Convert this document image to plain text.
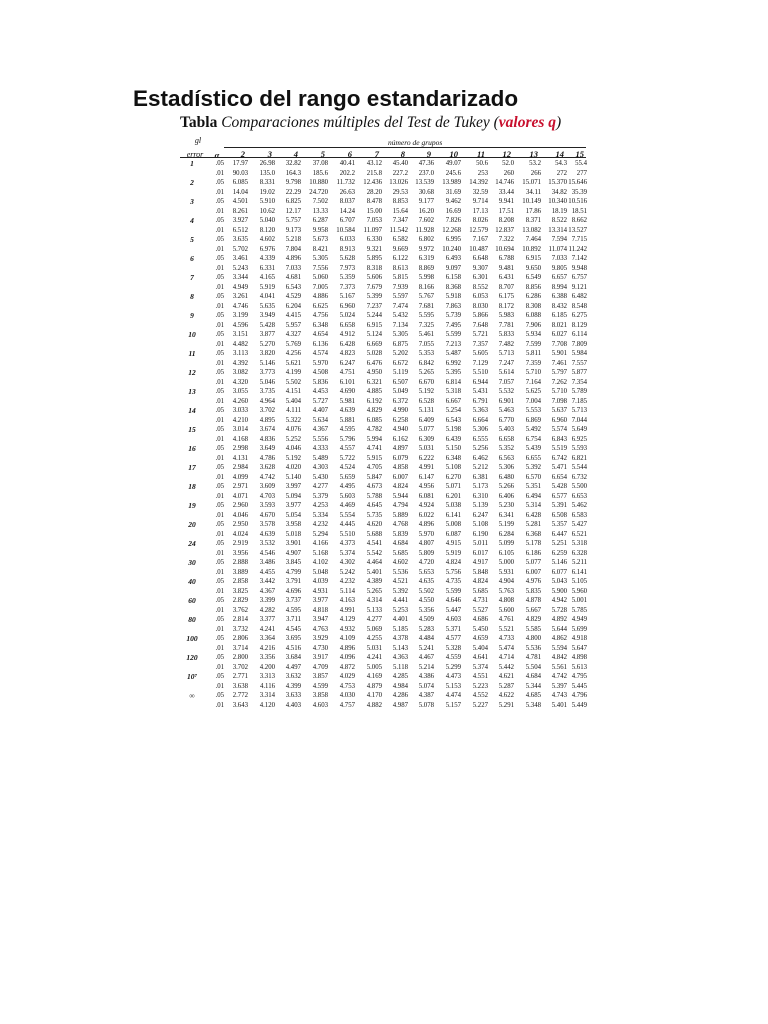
Estadístico del rango estandarizado
Tabla Comparaciones múltiples del Test de Tukey (valores q)
gl	número de grupos
error	α	2	3	4	5	6	7	8	9	10	11	12	13	14	15
1	.05	17.97	26.98	32.82	37.08	40.41	43.12	45.40	47.36	49.07	50.6	52.0	53.2	54.3	55.4
.01	90.03	135.0	164.3	185.6	202.2	215.8	227.2	237.0	245.6	253	260	266	272	277
2	.05	6.085	8.331	9.798	10.880	11.732	12.436	13.026	13.539	13.989	14.392	14.746	15.071	15.370 15.646
.01	14.04	19.02	22.29	24.720	26.63	28.20	29.53	30.68	31.69	32.59	33.44	34.11	34.82 35.39
3	.05	4.501	5.910	6.825	7.502	8.037	8.478	8.853	9.177	9.462	9.714	9.941	10.149	10.340 10.516
.01	8.261	10.62	12.17	13.33	14.24	15.00	15.64	16.20	16.69	17.13	17.51	17.86	18.19 18.51
4	.05	3.927	5.040	5.757	6.287	6.707	7.053	7.347	7.602	7.826	8.026	8.208	8.371	8.522 8.662
.01	6.512	8.120	9.173	9.958	10.584	11.097	11.542	11.928	12.268	12.579	12.837	13.082	13.314 13.527
5	.05	3.635	4.602	5.218	5.673	6.033	6.330	6.582	6.802	6.995	7.167	7.322	7.464	7.594 7.715
.01	5.702	6.976	7.804	8.421	8.913	9.321	9.669	9.972	10.240	10.487	10.694	10.892	11.074 11.242
6	.05	3.461	4.339	4.896	5.305	5.628	5.895	6.122	6.319	6.493	6.648	6.788	6.915	7.033 7.142
.01	5.243	6.331	7.033	7.556	7.973	8.318	8.613	8.869	9.097	9.307	9.481	9.650	9.805 9.948
7	.05	3.344	4.165	4.681	5.060	5.359	5.606	5.815	5.998	6.158	6.301	6.431	6.549	6.657 6.757
.01	4.949	5.919	6.543	7.005	7.373	7.679	7.939	8.166	8.368	8.552	8.707	8.856	8.994 9.121
8	.05	3.261	4.041	4.529	4.886	5.167	5.399	5.597	5.767	5.918	6.053	6.175	6.286	6.388 6.482
.01	4.746	5.635	6.204	6.625	6.960	7.237	7.474	7.681	7.863	8.030	8.172	8.308	8.432 8.548
9	.05	3.199	3.949	4.415	4.756	5.024	5.244	5.432	5.595	5.739	5.866	5.983	6.088	6.185 6.275
.01	4.596	5.428	5.957	6.348	6.658	6.915	7.134	7.325	7.495	7.648	7.781	7.906	8.021 8.129
10	.05	3.151	3.877	4.327	4.654	4.912	5.124	5.305	5.461	5.599	5.721	5.833	5.934	6.027 6.114
.01	4.482	5.270	5.769	6.136	6.428	6.669	6.875	7.055	7.213	7.357	7.482	7.599	7.708 7.809
11	.05	3.113	3.820	4.256	4.574	4.823	5.028	5.202	5.353	5.487	5.605	5.713	5.811	5.901 5.984
.01	4.392	5.146	5.621	5.970	6.247	6.476	6.672	6.842	6.992	7.129	7.247	7.359	7.461 7.557
12	.05	3.082	3.773	4.199	4.508	4.751	4.950	5.119	5.265	5.395	5.510	5.614	5.710	5.797 5.877
.01	4.320	5.046	5.502	5.836	6.101	6.321	6.507	6.670	6.814	6.944	7.057	7.164	7.262 7.354
13	.05	3.055	3.735	4.151	4.453	4.690	4.885	5.049	5.192	5.318	5.431	5.532	5.625	5.710 5.789
.01	4.260	4.964	5.404	5.727	5.981	6.192	6.372	6.528	6.667	6.791	6.901	7.004	7.098 7.185
14	.05	3.033	3.702	4.111	4.407	4.639	4.829	4.990	5.131	5.254	5.363	5.463	5.553	5.637 5.713
.01	4.210	4.895	5.322	5.634	5.881	6.085	6.258	6.409	6.543	6.664	6.770	6.869	6.960 7.044
15	.05	3.014	3.674	4.076	4.367	4.595	4.782	4.940	5.077	5.198	5.306	5.403	5.492	5.574 5.649
.01	4.168	4.836	5.252	5.556	5.796	5.994	6.162	6.309	6.439	6.555	6.658	6.754	6.843 6.925
16	.05	2.998	3.649	4.046	4.333	4.557	4.741	4.897	5.031	5.150	5.256	5.352	5.439	5.519 5.593
.01	4.131	4.786	5.192	5.489	5.722	5.915	6.079	6.222	6.348	6.462	6.563	6.655	6.742 6.821
17	.05	2.984	3.628	4.020	4.303	4.524	4.705	4.858	4.991	5.108	5.212	5.306	5.392	5.471 5.544
.01	4.099	4.742	5.140	5.430	5.659	5.847	6.007	6.147	6.270	6.381	6.480	6.570	6.654 6.732
18	.05	2.971	3.609	3.997	4.277	4.495	4.673	4.824	4.956	5.071	5.173	5.266	5.351	5.428 5.500
.01	4.071	4.703	5.094	5.379	5.603	5.788	5.944	6.081	6.201	6.310	6.406	6.494	6.577 6.653
19	.05	2.960	3.593	3.977	4.253	4.469	4.645	4.794	4.924	5.038	5.139	5.230	5.314	5.391 5.462
.01	4.046	4.670	5.054	5.334	5.554	5.735	5.889	6.022	6.141	6.247	6.341	6.428	6.508 6.583
20	.05	2.950	3.578	3.958	4.232	4.445	4.620	4.768	4.896	5.008	5.108	5.199	5.281	5.357 5.427
.01	4.024	4.639	5.018	5.294	5.510	5.688	5.839	5.970	6.087	6.190	6.284	6.368	6.447 6.521
24	.05	2.919	3.532	3.901	4.166	4.373	4.541	4.684	4.807	4.915	5.011	5.099	5.178	5.251 5.318
.01	3.956	4.546	4.907	5.168	5.374	5.542	5.685	5.809	5.919	6.017	6.105	6.186	6.259 6.328
30	.05	2.888	3.486	3.845	4.102	4.302	4.464	4.602	4.720	4.824	4.917	5.000	5.077	5.146 5.211
.01	3.889	4.455	4.799	5.048	5.242	5.401	5.536	5.653	5.756	5.848	5.931	6.007	6.077 6.141
40	.05	2.858	3.442	3.791	4.039	4.232	4.389	4.521	4.635	4.735	4.824	4.904	4.976	5.043 5.105
.01	3.825	4.367	4.696	4.931	5.114	5.265	5.392	5.502	5.599	5.685	5.763	5.835	5.900 5.960
60	.05	2.829	3.399	3.737	3.977	4.163	4.314	4.441	4.550	4.646	4.731	4.808	4.878	4.942 5.001
.01	3.762	4.282	4.595	4.818	4.991	5.133	5.253	5.356	5.447	5.527	5.600	5.667	5.728 5.785
80	.05	2.814	3.377	3.711	3.947	4.129	4.277	4.401	4.509	4.603	4.686	4.761	4.829	4.892 4.949
.01	3.732	4.241	4.545	4.763	4.932	5.069	5.185	5.283	5.371	5.450	5.521	5.585	5.644 5.699
100	.05	2.806	3.364	3.695	3.929	4.109	4.255	4.378	4.484	4.577	4.659	4.733	4.800	4.862 4.918
.01	3.714	4.216	4.516	4.730	4.896	5.031	5.143	5.241	5.328	5.404	5.474	5.536	5.594 5.647
120	.05	2.800	3.356	3.684	3.917	4.096	4.241	4.363	4.467	4.559	4.641	4.714	4.781	4.842 4.898
.01	3.702	4.200	4.497	4.709	4.872	5.005	5.118	5.214	5.299	5.374	5.442	5.504	5.561 5.613
10⁷	.05	2.771	3.313	3.632	3.857	4.029	4.169	4.285	4.386	4.473	4.551	4.621	4.684	4.742 4.795
.01	3.638	4.116	4.399	4.599	4.753	4.879	4.984	5.074	5.153	5.223	5.287	5.344	5.397 5.445
∞	.05	2.772	3.314	3.633	3.858	4.030	4.170	4.286	4.387	4.474	4.552	4.622	4.685	4.743 4.796
.01	3.643	4.120	4.403	4.603	4.757	4.882	4.987	5.078	5.157	5.227	5.291	5.348	5.401 5.449
